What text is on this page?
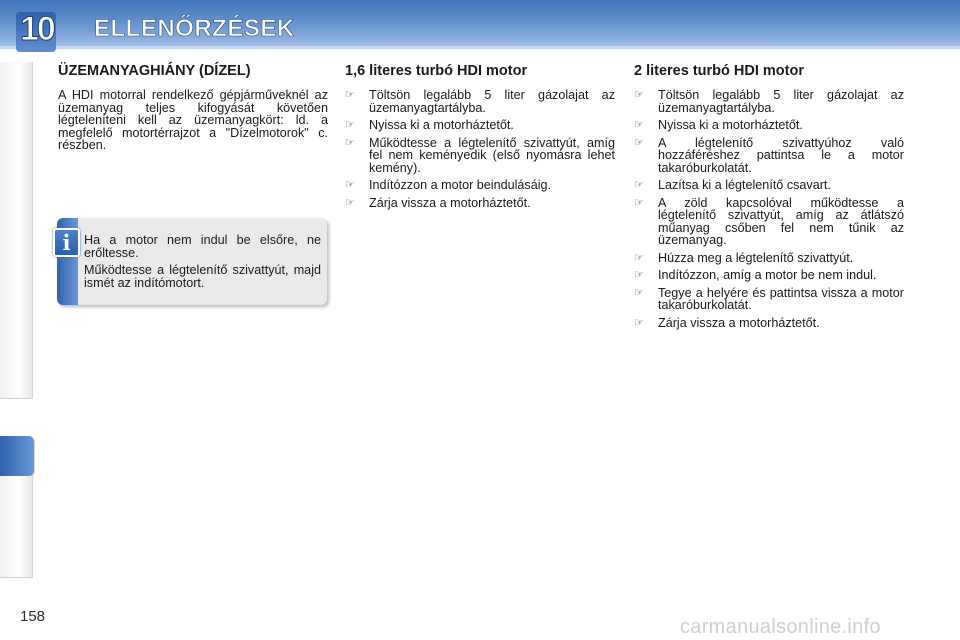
10 ELLENŐRZÉSEK
ÜZEMANYAGHIÁNY (DÍZEL)

A HDI motorral rendelkező gépjárműveknél az üzemanyag teljes kifogyását követően légteleníteni kell az üzemanyagkört: ld. a megfelelő motortérrajzot a "Dízelmotorok" c. részben.

i	Ha a motor nem indul be elsőre, ne erőltesse.

Működtesse a légtelenítő szivattyút, majd ismét az indítómotort.

1,6 literes turbó HDI motor
☞ Töltsön legalább 5 liter gázolajat az üzemanyagtartályba.
☞ Nyissa ki a motorháztetőt.
☞ Működtesse a légtelenítő szivattyút, amíg fel nem keményedik (első nyomásra lehet kemény).
☞ Indítózzon a motor beindulásáig.
☞ Zárja vissza a motorháztetőt.
2 literes turbó HDI motor
☞ Töltsön legalább 5 liter gázolajat az üzemanyagtartályba.
☞ Nyissa ki a motorháztetőt.
☞ A légtelenítő szivattyúhoz való hozzáféréshez pattintsa le a motor takaróburkolatát.
☞ Lazítsa ki a légtelenítő csavart.
☞ A zöld kapcsolóval működtesse a légtelenítő szivattyút, amíg az átlátszó műanyag csőben fel nem tűnik az üzemanyag.
☞ Húzza meg a légtelenítő szivattyút.
☞ Indítózzon, amíg a motor be nem indul.
☞ Tegye a helyére és pattintsa vissza a motor takaróburkolatát.
☞ Zárja vissza a motorháztetőt.
158	carmanualsonline.info
